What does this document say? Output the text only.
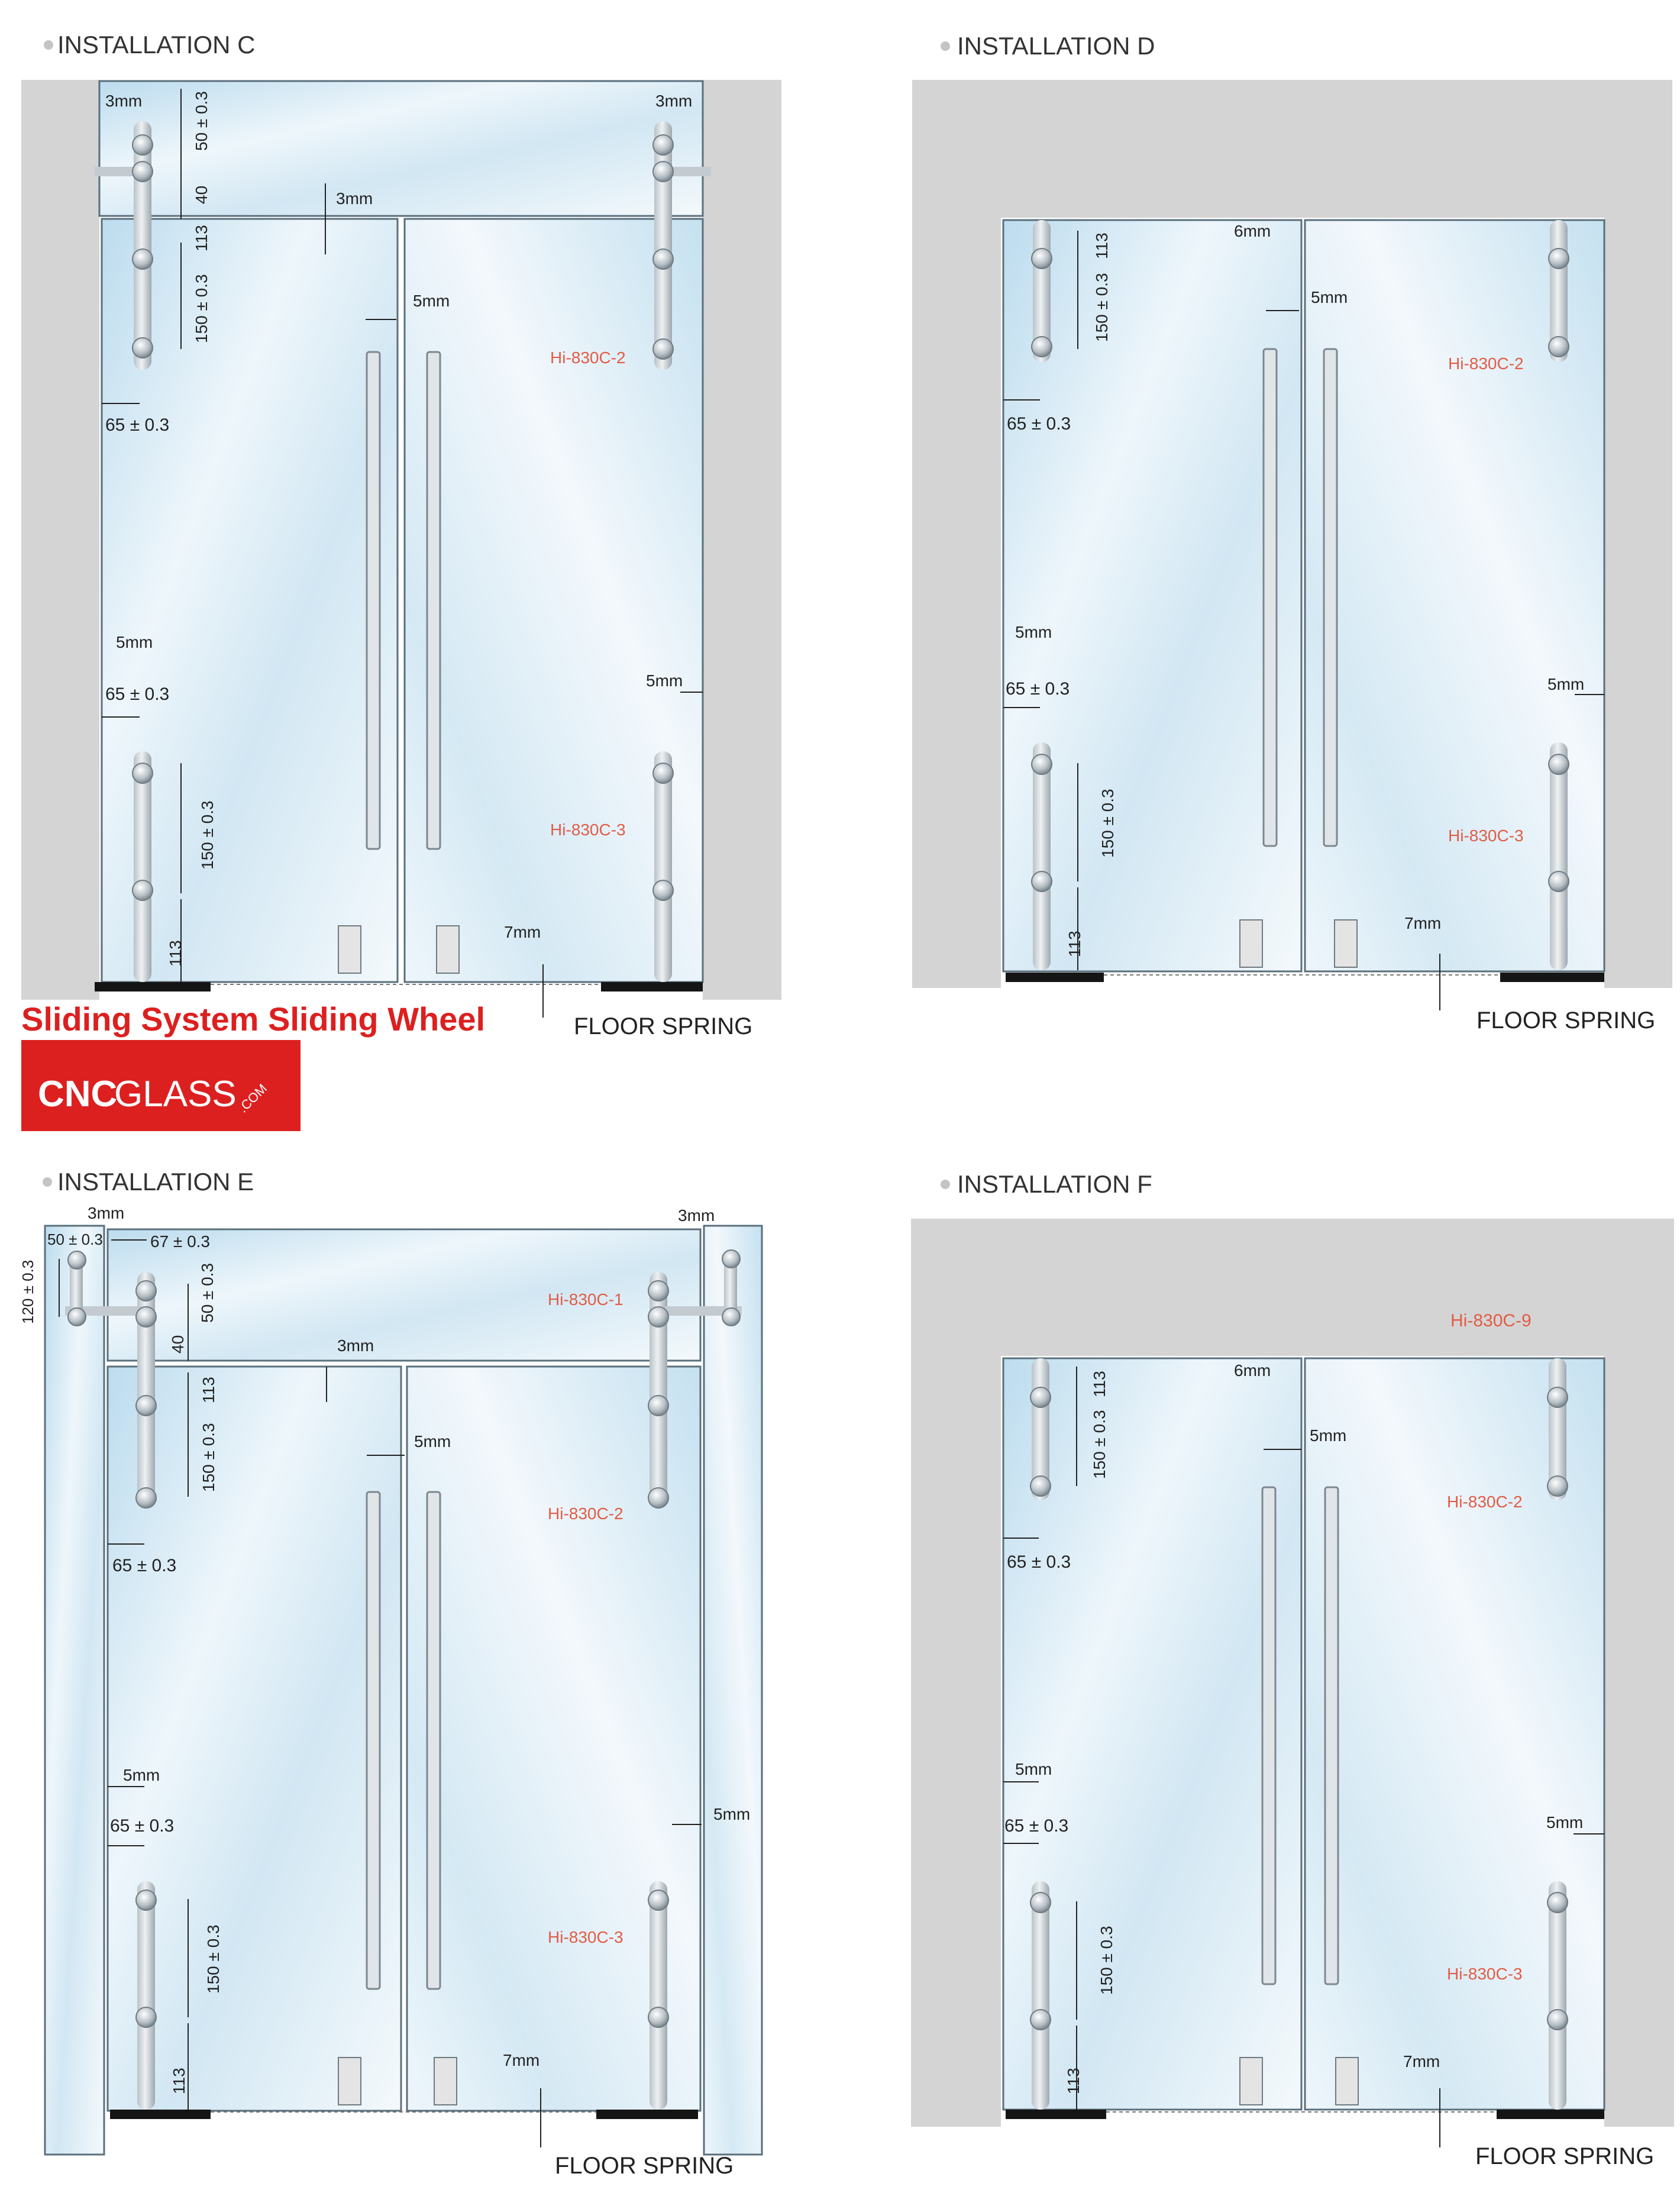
INSTALLATION C
3mm	3mm
50 ± 0.3
40	3mm
113
150 ± 0.3
65 ± 0.3
5mm
Hi-830C-2
5mm
65 ± 0.3
5mm
150 ± 0.3
113
Hi-830C-3
7mm
FLOOR SPRING
Sliding System Sliding Wheel
CNC
GLASS
.COM
INSTALLATION D
6mm
113
150 ± 0.3
65 ± 0.3
5mm
Hi-830C-2
5mm
65 ± 0.3	5mm
150 ± 0.3
113
Hi-830C-3
7mm
FLOOR SPRING
INSTALLATION E
3mm	3mm
50 ± 0.3	67 ± 0.3
120 ± 0.3	50 ± 0.3
40
Hi-830C-1
3mm
113
150 ± 0.3
65 ± 0.3
5mm
Hi-830C-2
5mm
65 ± 0.3
5mm
150 ± 0.3
113
Hi-830C-3
7mm
FLOOR SPRING
INSTALLATION F
Hi-830C-9
6mm
113
150 ± 0.3
65 ± 0.3
5mm
Hi-830C-2
5mm
65 ± 0.3	5mm
150 ± 0.3
113
Hi-830C-3
7mm
FLOOR SPRING
